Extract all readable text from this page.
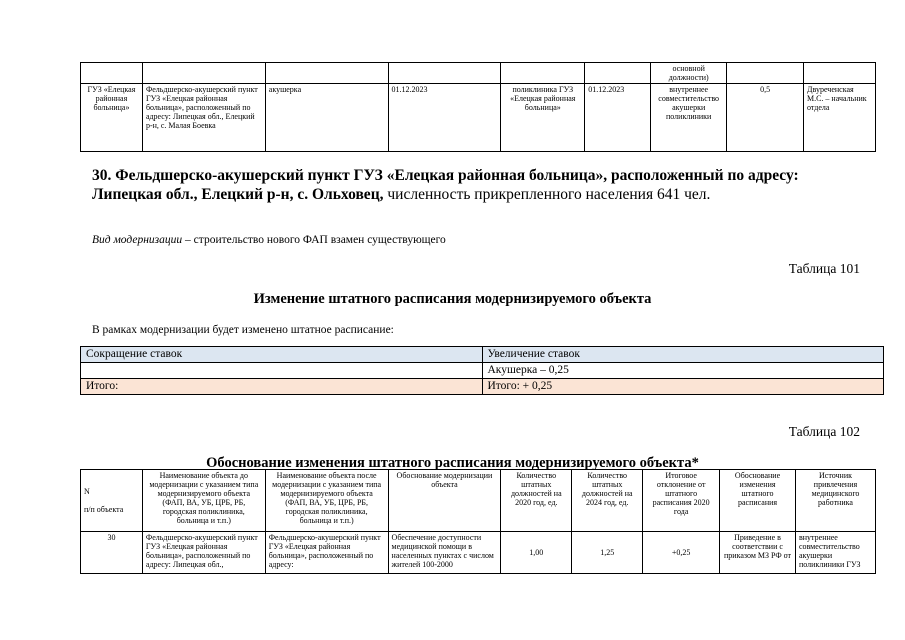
						основной должности)		
ГУЗ «Елецкая районная больница»	Фельдшерско-акушерский пункт ГУЗ «Елецкая районная больница», расположенный по адресу: Липецкая обл., Елецкий р-н, с. Малая Боевка	акушерка	01.12.2023	поликлиника ГУЗ «Елецкая районная больница»	01.12.2023	внутреннее совместительство акушерки поликлиники	0,5	Двуреченская М.С. – начальник отдела
30. Фельдшерско-акушерский пункт ГУЗ «Елецкая районная больница», расположенный по адресу: Липецкая обл., Елецкий р-н, с. Ольховец, численность прикрепленного населения 641 чел.
Вид модернизации – строительство нового ФАП взамен существующего
Таблица 101
Изменение штатного расписания модернизируемого объекта
В рамках модернизации будет изменено штатное расписание:
Сокращение ставок	Увеличение ставок
	Акушерка – 0,25
Итого:	Итого: + 0,25
Таблица 102
Обоснование изменения штатного расписания модернизируемого объекта*
N

п/п объекта	Наименование объекта до модернизации с указанием типа модернизируемого объекта (ФАП, ВА, УБ, ЦРБ, РБ, городская поликлиника, больница и т.п.)	Наименование объекта после модернизации с указанием типа модернизируемого объекта (ФАП, ВА, УБ, ЦРБ, РБ, городская поликлиника, больница и т.п.)	Обоснование модернизации объекта	Количество штатных должностей на 2020 год, ед.	Количество штатных должностей на 2024 год, ед.	Итоговое отклонение от штатного расписания 2020 года	Обоснование изменения штатного расписания	Источник привлечения медицинского работника
30	Фельдшерско-акушерский пункт ГУЗ «Елецкая районная больница», расположенный по адресу: Липецкая обл.,	Фельдшерско-акушерский пункт ГУЗ «Елецкая районная больница», расположенный по адресу:	Обеспечение доступности медицинской помощи в населенных пунктах с числом жителей 100-2000	1,00	1,25	+0,25	Приведение в соответствии с приказом МЗ РФ от	внутреннее совместительство акушерки поликлиники ГУЗ
